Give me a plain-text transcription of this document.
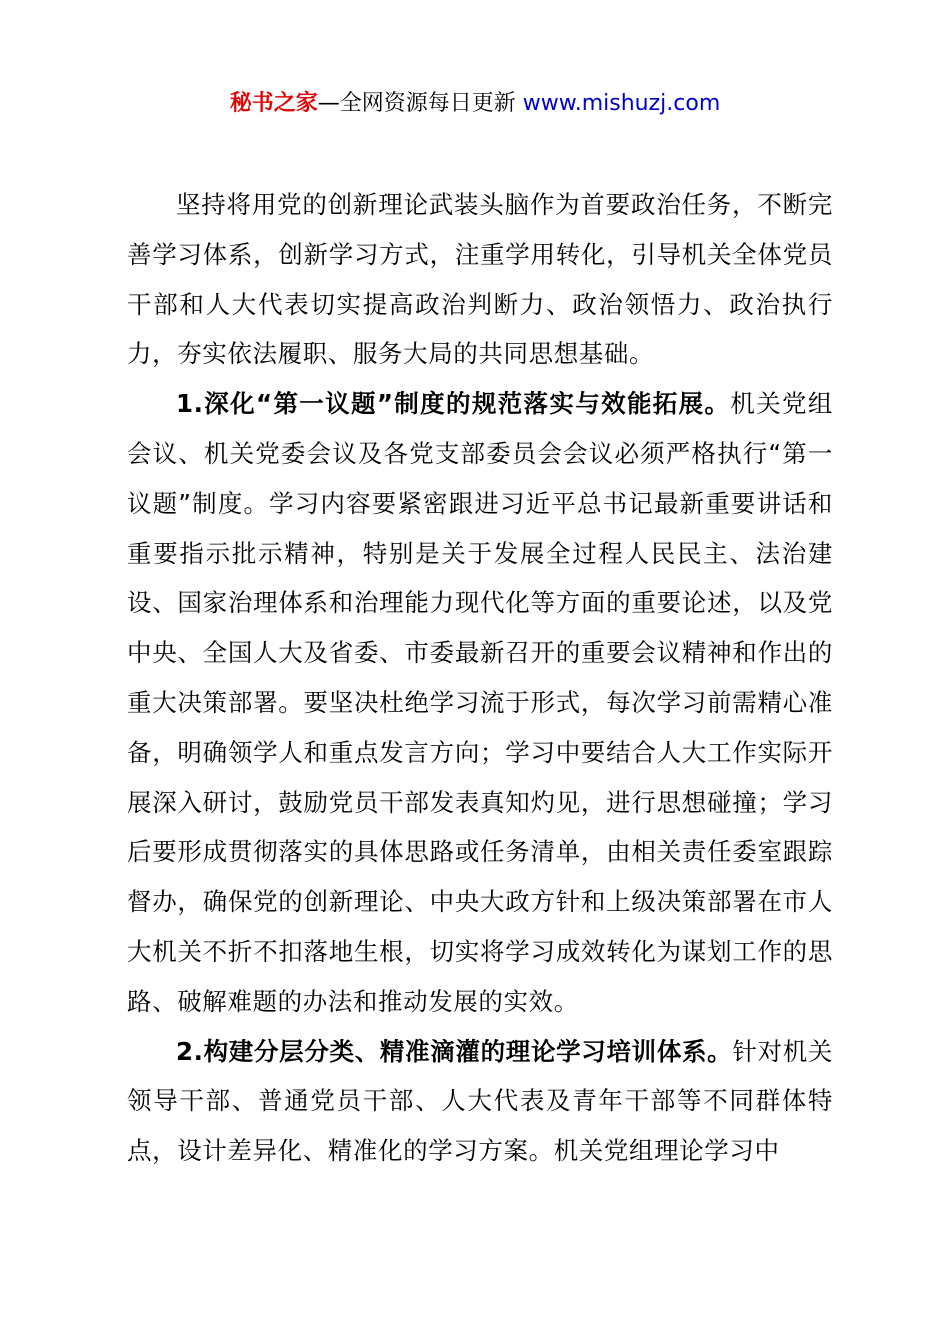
秘书之家—全网资源每日更新 www.mishuzj.com

坚持将用党的创新理论武装头脑作为首要政治任务，不断完善学习体系，创新学习方式，注重学用转化，引导机关全体党员干部和人大代表切实提高政治判断力、政治领悟力、政治执行力，夯实依法履职、服务大局的共同思想基础。

1.深化“第一议题”制度的规范落实与效能拓展。机关党组会议、机关党委会议及各党支部委员会会议必须严格执行“第一议题”制度。学习内容要紧密跟进习近平总书记最新重要讲话和重要指示批示精神，特别是关于发展全过程人民民主、法治建设、国家治理体系和治理能力现代化等方面的重要论述，以及党中央、全国人大及省委、市委最新召开的重要会议精神和作出的重大决策部署。要坚决杜绝学习流于形式，每次学习前需精心准备，明确领学人和重点发言方向；学习中要结合人大工作实际开展深入研讨，鼓励党员干部发表真知灼见，进行思想碰撞；学习后要形成贯彻落实的具体思路或任务清单，由相关责任委室跟踪督办，确保党的创新理论、中央大政方针和上级决策部署在市人大机关不折不扣落地生根，切实将学习成效转化为谋划工作的思路、破解难题的办法和推动发展的实效。

2.构建分层分类、精准滴灌的理论学习培训体系。针对机关领导干部、普通党员干部、人大代表及青年干部等不同群体特点，设计差异化、精准化的学习方案。机关党组理论学习中
